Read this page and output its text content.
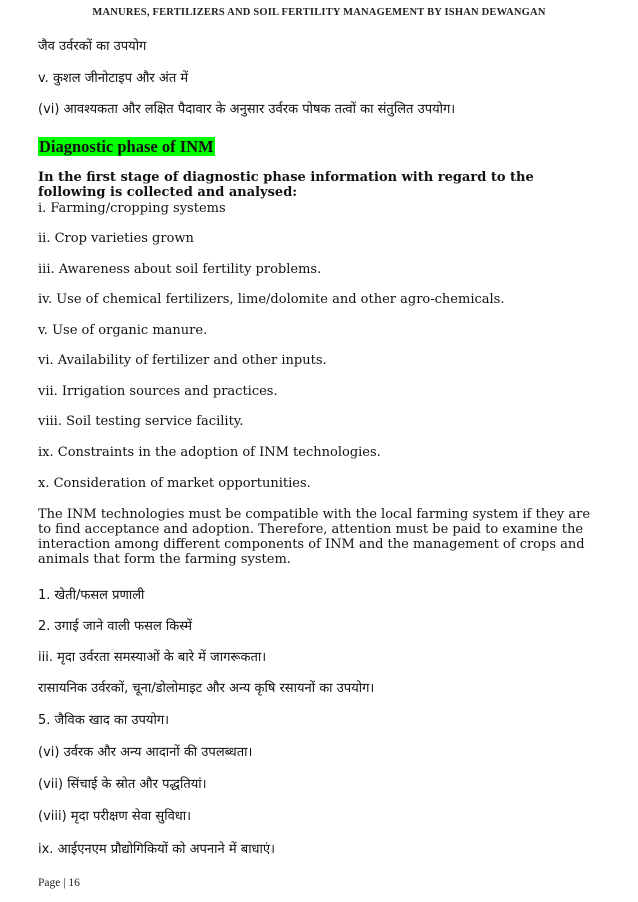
MANURES, FERTILIZERS AND SOIL FERTILITY MANAGEMENT BY ISHAN DEWANGAN
जैव उर्वरकों का उपयोग
v. कुशल जीनोटाइप और अंत में
(vi) आवश्यकता और लक्षित पैदावार के अनुसार उर्वरक पोषक तत्वों का संतुलित उपयोग।
Diagnostic phase of INM
In the first stage of diagnostic phase information with regard to the following is collected and analysed:
i. Farming/cropping systems
ii. Crop varieties grown
iii. Awareness about soil fertility problems.
iv. Use of chemical fertilizers, lime/dolomite and other agro-chemicals.
v. Use of organic manure.
vi. Availability of fertilizer and other inputs.
vii. Irrigation sources and practices.
viii. Soil testing service facility.
ix. Constraints in the adoption of INM technologies.
x. Consideration of market opportunities.
The INM technologies must be compatible with the local farming system if they are to find acceptance and adoption. Therefore, attention must be paid to examine the interaction among different components of INM and the management of crops and animals that form the farming system.
1. खेती/फसल प्रणाली
2. उगाई जाने वाली फसल किस्में
iii. मृदा उर्वरता समस्याओं के बारे में जागरूकता।
रासायनिक उर्वरकों, चूना/डोलोमाइट और अन्य कृषि रसायनों का उपयोग।
5. जैविक खाद का उपयोग।
(vi) उर्वरक और अन्य आदानों की उपलब्धता।
(vii) सिंचाई के स्रोत और पद्धतियां।
(viii) मृदा परीक्षण सेवा सुविधा।
ix. आईएनएम प्रौद्योगिकियों को अपनाने में बाधाएं।
Page | 16
